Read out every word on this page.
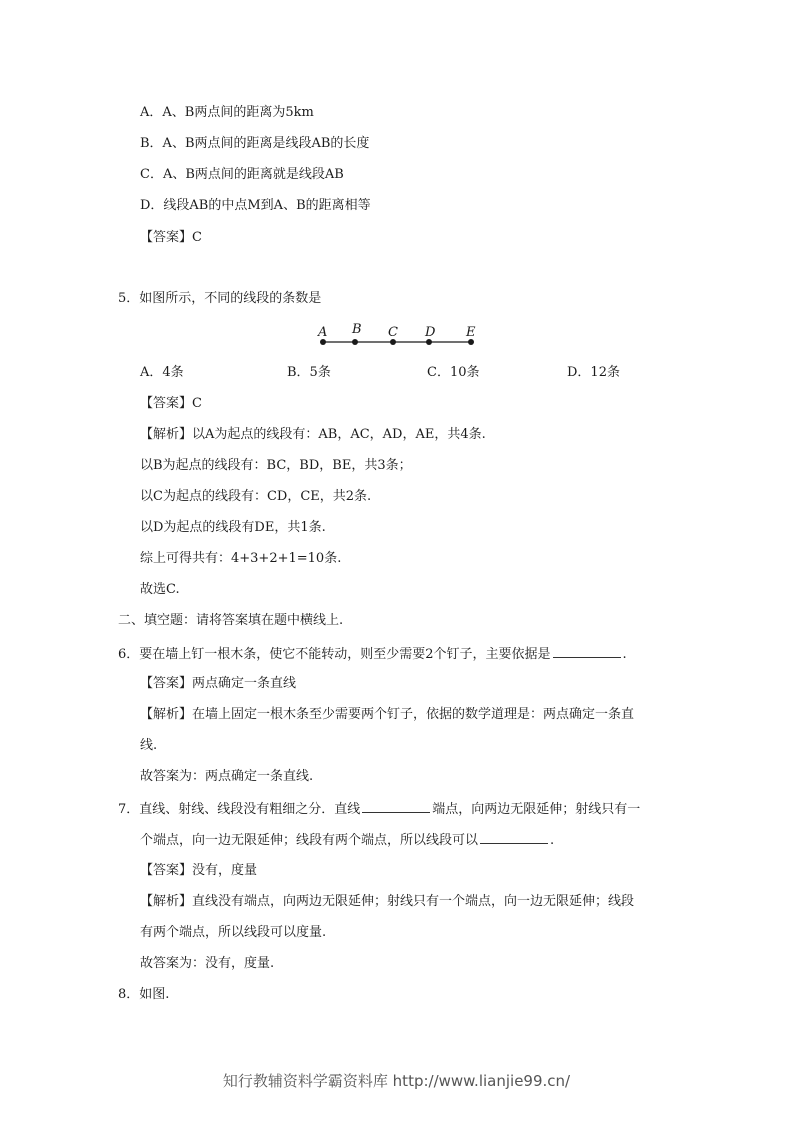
A．A、B两点间的距离为5km
B．A、B两点间的距离是线段AB的长度
C．A、B两点间的距离就是线段AB
D．线段AB的中点M到A、B的距离相等
【答案】C
5．如图所示，不同的线段的条数是
A B C D E
A．4条	B．5条	C．10条	D．12条
【答案】C
【解析】以A为起点的线段有：AB，AC，AD，AE，共4条.
以B为起点的线段有：BC，BD，BE，共3条；
以C为起点的线段有：CD，CE，共2条.
以D为起点的线段有DE，共1条.
综上可得共有：4+3+2+1=10条.
故选C.
二、填空题：请将答案填在题中横线上.
6．要在墙上钉一根木条，使它不能转动，则至少需要2个钉子，主要依据是	.
【答案】两点确定一条直线
【解析】在墙上固定一根木条至少需要两个钉子，依据的数学道理是：两点确定一条直
线.
故答案为：两点确定一条直线.
7．直线、射线、线段没有粗细之分．直线	端点，向两边无限延伸；射线只有一
个端点，向一边无限延伸；线段有两个端点，所以线段可以	.
【答案】没有，度量
【解析】直线没有端点，向两边无限延伸；射线只有一个端点，向一边无限延伸；线段
有两个端点，所以线段可以度量.
故答案为：没有，度量.
8．如图.
知行教辅资料学霸资料库 http://www.lianjie99.cn/
